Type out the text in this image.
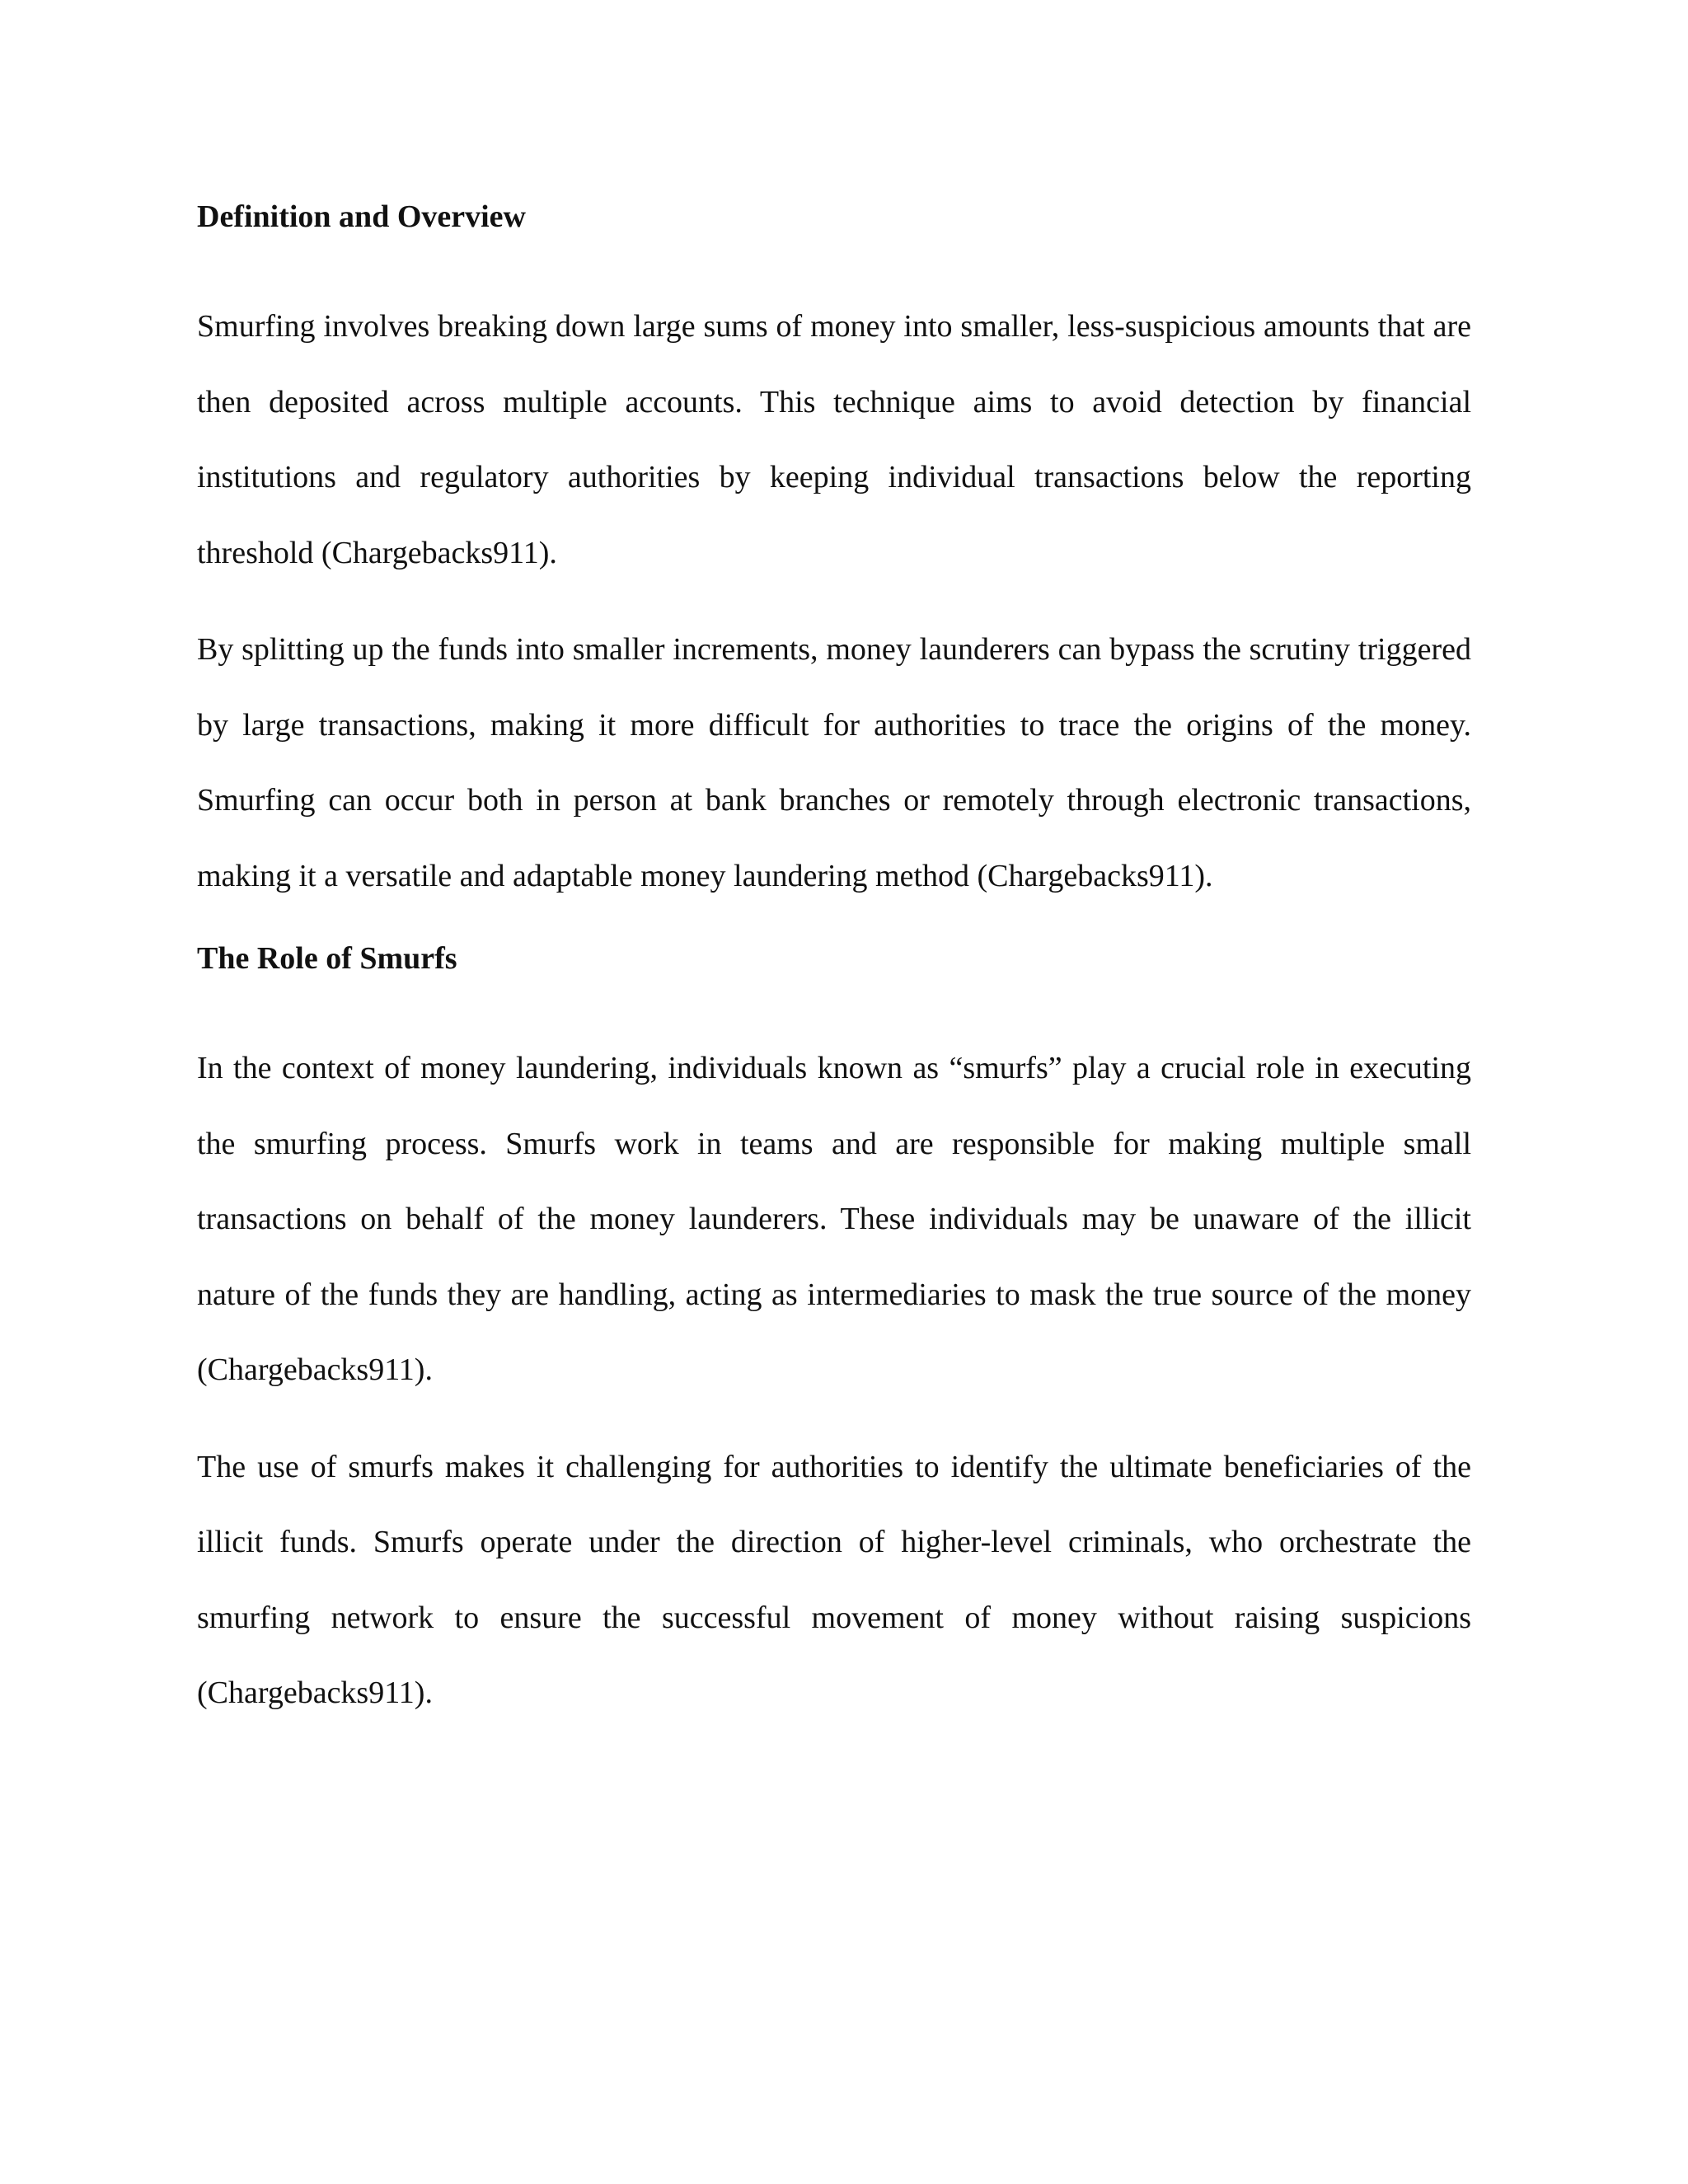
Definition and Overview

Smurfing involves breaking down large sums of money into smaller, less-suspicious amounts that are then deposited across multiple accounts. This technique aims to avoid detection by financial institutions and regulatory authorities by keeping individual transactions below the reporting threshold (Chargebacks911).

By splitting up the funds into smaller increments, money launderers can bypass the scrutiny triggered by large transactions, making it more difficult for authorities to trace the origins of the money. Smurfing can occur both in person at bank branches or remotely through electronic transactions, making it a versatile and adaptable money laundering method (Chargebacks911).

The Role of Smurfs

In the context of money laundering, individuals known as “smurfs” play a crucial role in executing the smurfing process. Smurfs work in teams and are responsible for making multiple small transactions on behalf of the money launderers. These individuals may be unaware of the illicit nature of the funds they are handling, acting as intermediaries to mask the true source of the money (Chargebacks911).

The use of smurfs makes it challenging for authorities to identify the ultimate beneficiaries of the illicit funds. Smurfs operate under the direction of higher-level criminals, who orchestrate the smurfing network to ensure the successful movement of money without raising suspicions (Chargebacks911).
